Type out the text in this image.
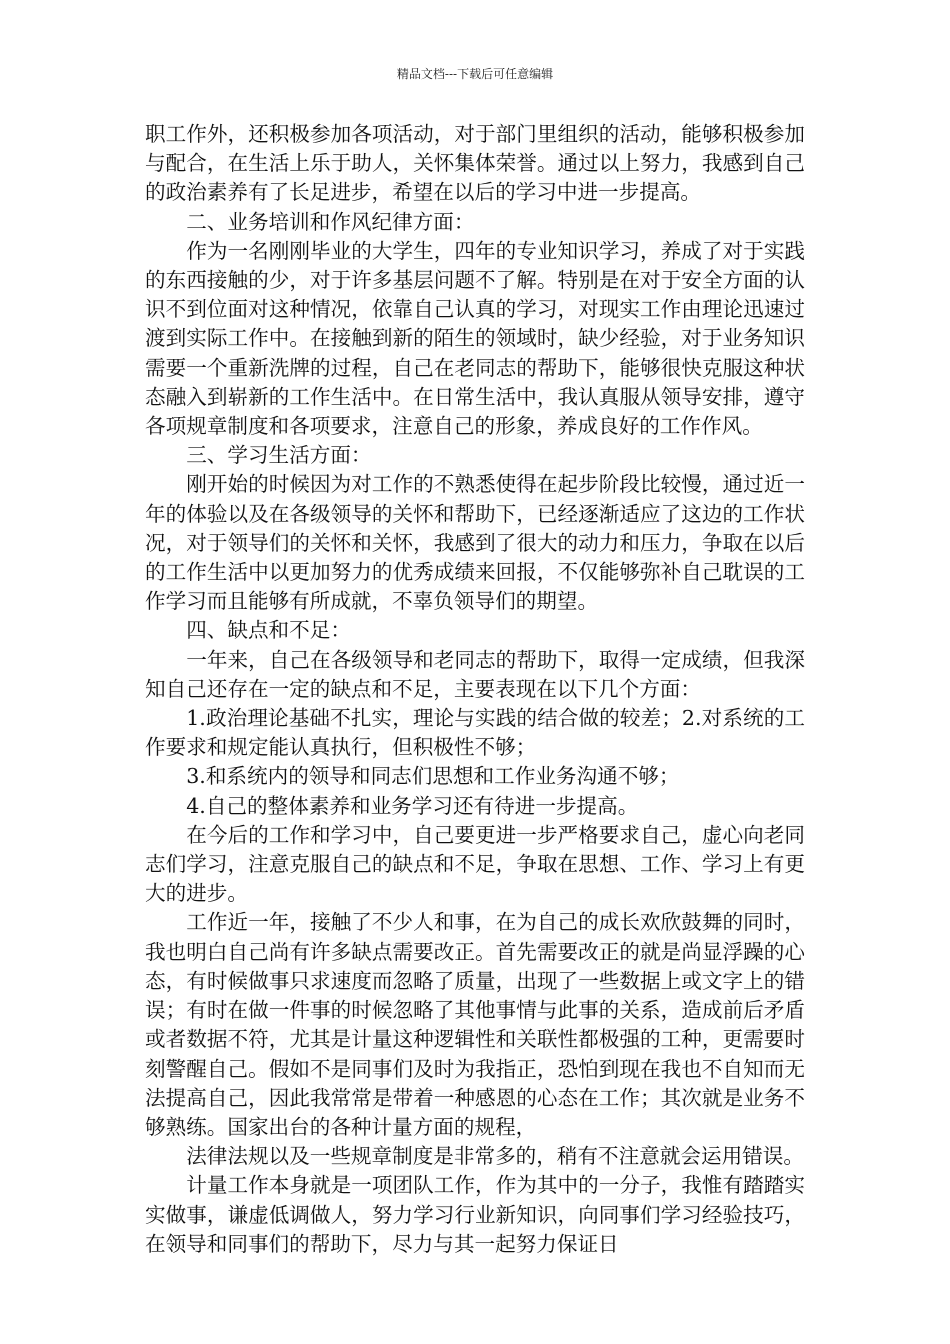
精品文档---下载后可任意编辑

职工作外，还积极参加各项活动，对于部门里组织的活动，能够积极参加与配合，在生活上乐于助人，关怀集体荣誉。通过以上努力，我感到自己的政治素养有了长足进步，希望在以后的学习中进一步提高。

二、业务培训和作风纪律方面：

作为一名刚刚毕业的大学生，四年的专业知识学习，养成了对于实践的东西接触的少，对于许多基层问题不了解。特别是在对于安全方面的认识不到位面对这种情况，依靠自己认真的学习，对现实工作由理论迅速过渡到实际工作中。在接触到新的陌生的领域时，缺少经验，对于业务知识需要一个重新洗牌的过程，自己在老同志的帮助下，能够很快克服这种状态融入到崭新的工作生活中。在日常生活中，我认真服从领导安排，遵守各项规章制度和各项要求，注意自己的形象，养成良好的工作作风。

三、学习生活方面：

刚开始的时候因为对工作的不熟悉使得在起步阶段比较慢，通过近一年的体验以及在各级领导的关怀和帮助下，已经逐渐适应了这边的工作状况，对于领导们的关怀和关怀，我感到了很大的动力和压力，争取在以后的工作生活中以更加努力的优秀成绩来回报，不仅能够弥补自己耽误的工作学习而且能够有所成就，不辜负领导们的期望。

四、缺点和不足：

一年来，自己在各级领导和老同志的帮助下，取得一定成绩，但我深知自己还存在一定的缺点和不足，主要表现在以下几个方面：

1.政治理论基础不扎实，理论与实践的结合做的较差；2.对系统的工作要求和规定能认真执行，但积极性不够；

3.和系统内的领导和同志们思想和工作业务沟通不够；

4.自己的整体素养和业务学习还有待进一步提高。

在今后的工作和学习中，自己要更进一步严格要求自己，虚心向老同志们学习，注意克服自己的缺点和不足，争取在思想、工作、学习上有更大的进步。

工作近一年，接触了不少人和事，在为自己的成长欢欣鼓舞的同时，我也明白自己尚有许多缺点需要改正。首先需要改正的就是尚显浮躁的心态，有时候做事只求速度而忽略了质量，出现了一些数据上或文字上的错误；有时在做一件事的时候忽略了其他事情与此事的关系，造成前后矛盾或者数据不符，尤其是计量这种逻辑性和关联性都极强的工种，更需要时刻警醒自己。假如不是同事们及时为我指正，恐怕到现在我也不自知而无法提高自己，因此我常常是带着一种感恩的心态在工作；其次就是业务不够熟练。国家出台的各种计量方面的规程，

法律法规以及一些规章制度是非常多的，稍有不注意就会运用错误。

计量工作本身就是一项团队工作，作为其中的一分子，我惟有踏踏实实做事，谦虚低调做人，努力学习行业新知识，向同事们学习经验技巧，在领导和同事们的帮助下，尽力与其一起努力保证日
